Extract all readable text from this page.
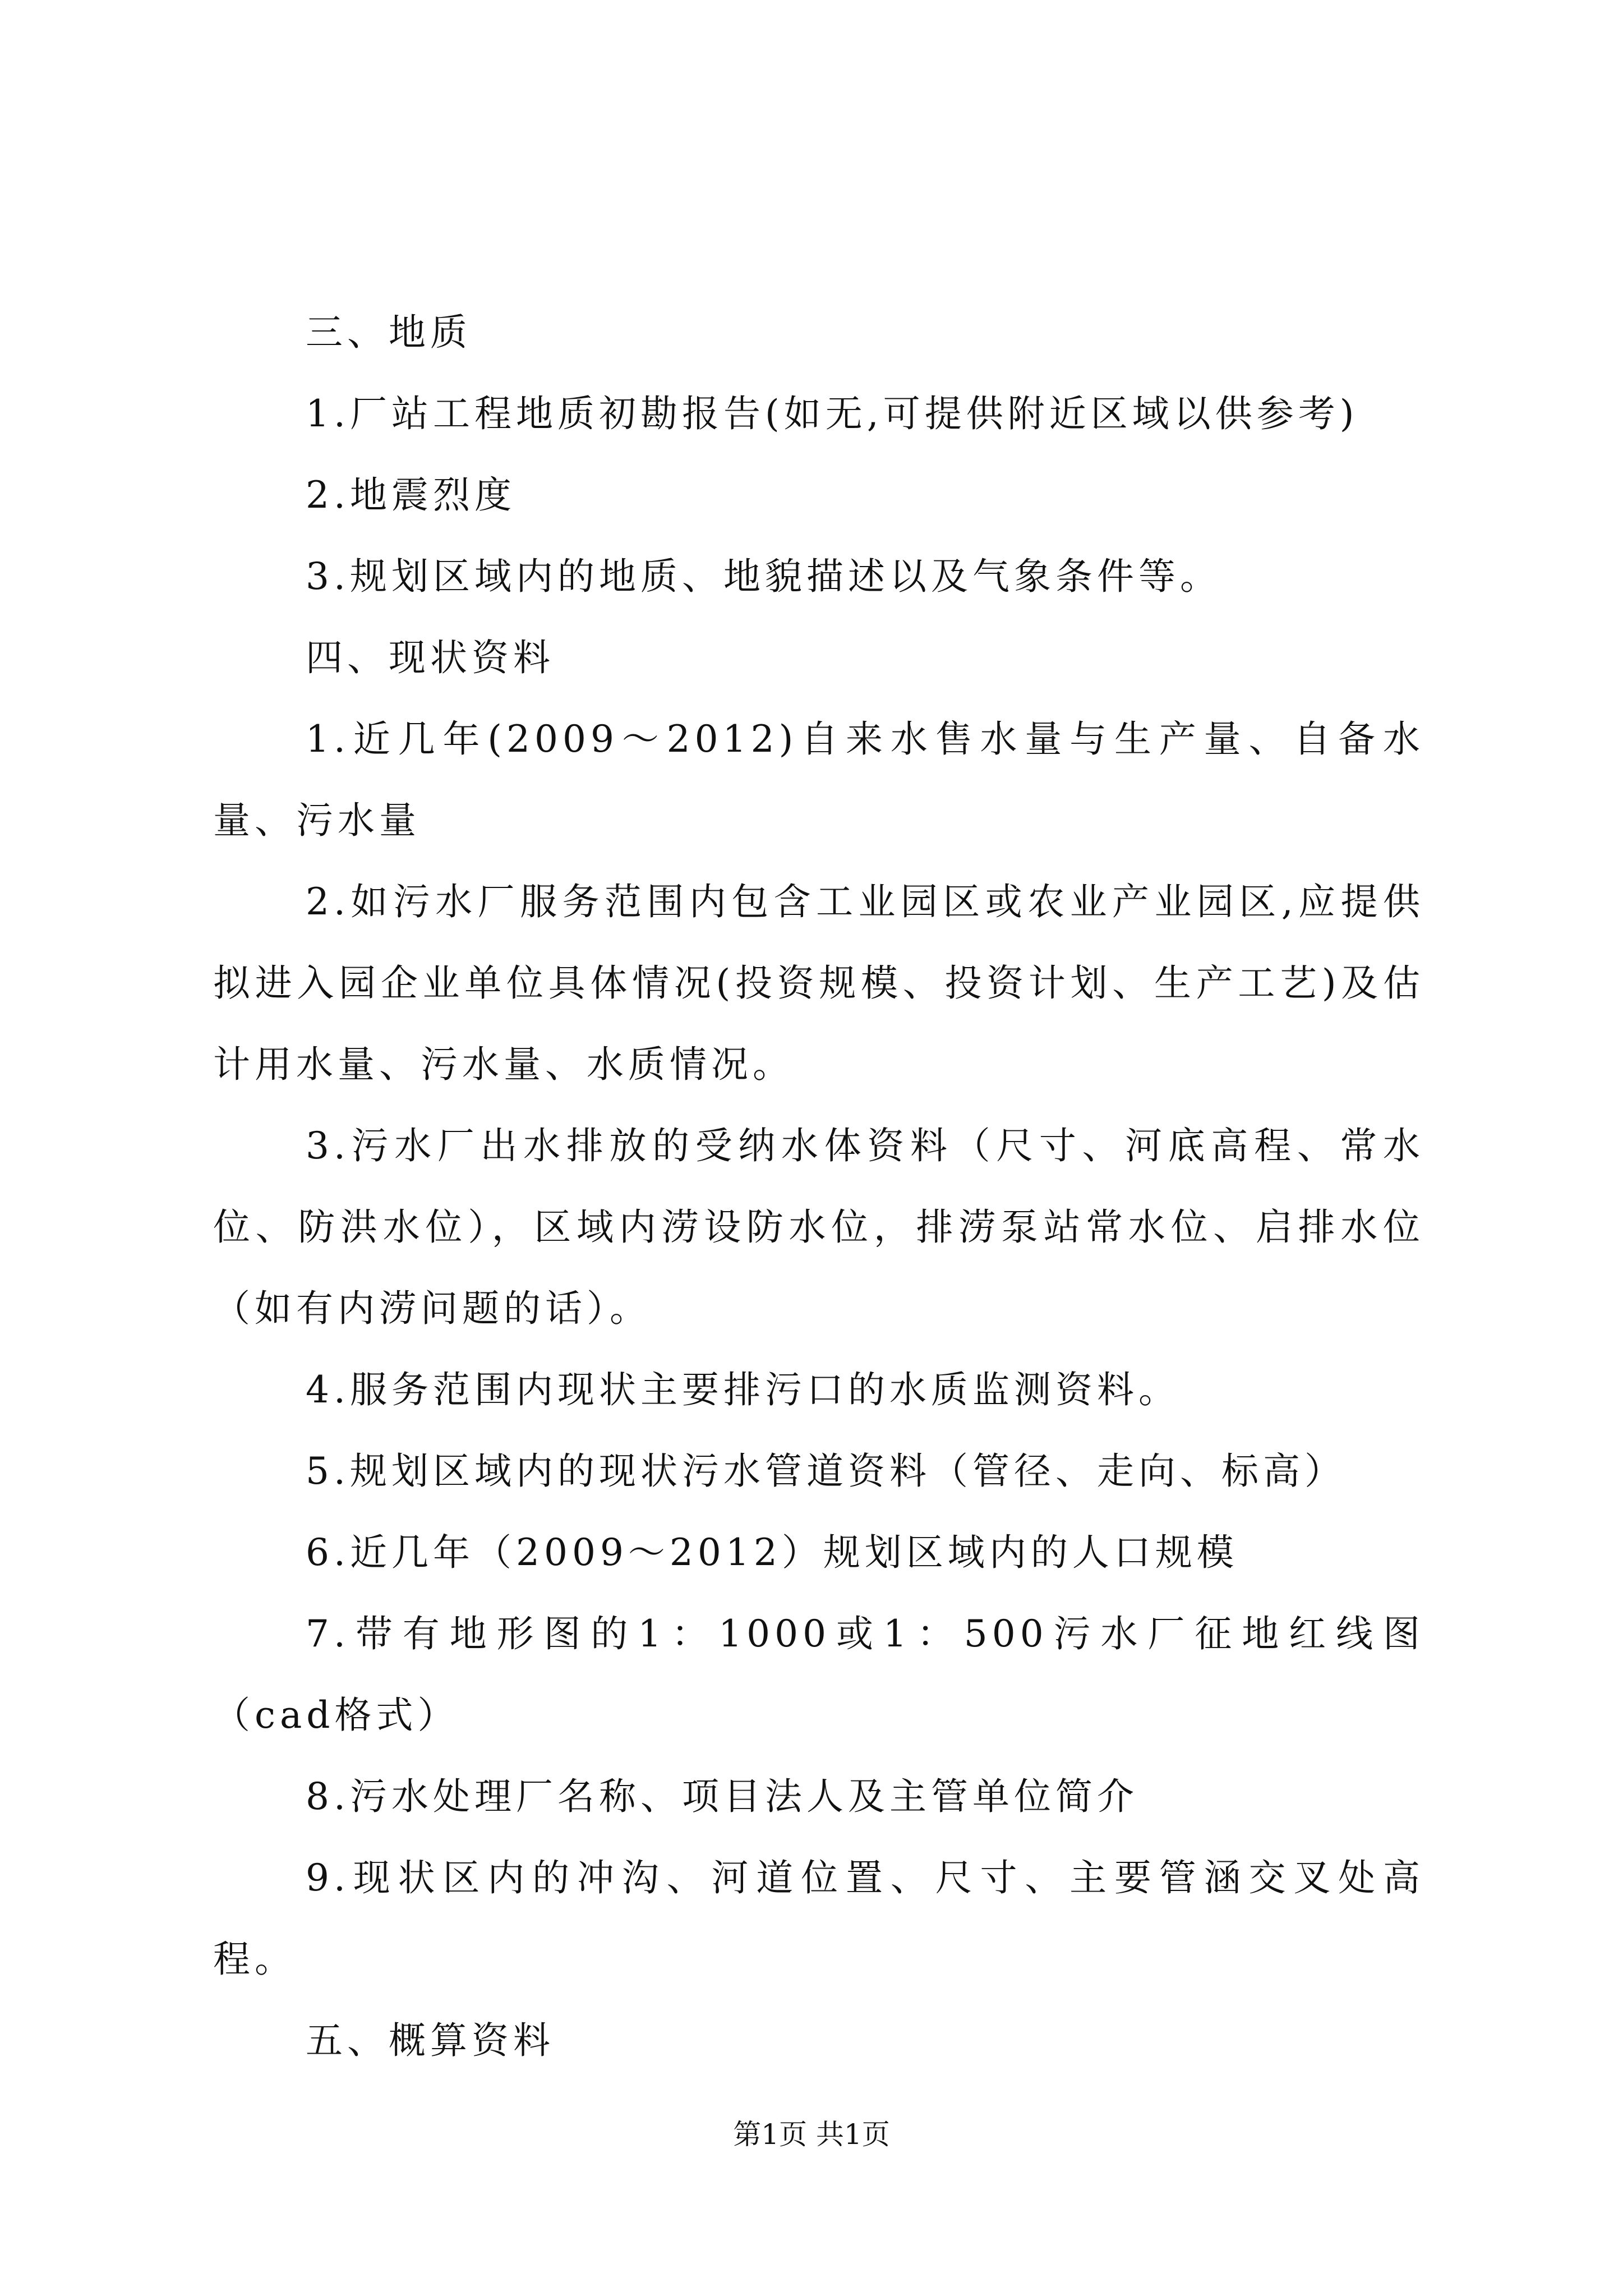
三、地质

1.厂站工程地质初勘报告(如无,可提供附近区域以供参考)

2.地震烈度

3.规划区域内的地质、地貌描述以及气象条件等。

四、现状资料

1.近几年(2009～2012)自来水售水量与生产量、自备水量、污水量

2.如污水厂服务范围内包含工业园区或农业产业园区,应提供拟进入园企业单位具体情况(投资规模、投资计划、生产工艺)及估计用水量、污水量、水质情况。

3.污水厂出水排放的受纳水体资料（尺寸、河底高程、常水位、防洪水位），区域内涝设防水位，排涝泵站常水位、启排水位（如有内涝问题的话）。

4.服务范围内现状主要排污口的水质监测资料。

5.规划区域内的现状污水管道资料（管径、走向、标高）

6.近几年（2009～2012）规划区域内的人口规模

7.带有地形图的1：1000或1：500污水厂征地红线图（cad格式）

8.污水处理厂名称、项目法人及主管单位简介

9.现状区内的冲沟、河道位置、尺寸、主要管涵交叉处高程。

五、概算资料

第1页 共1页
